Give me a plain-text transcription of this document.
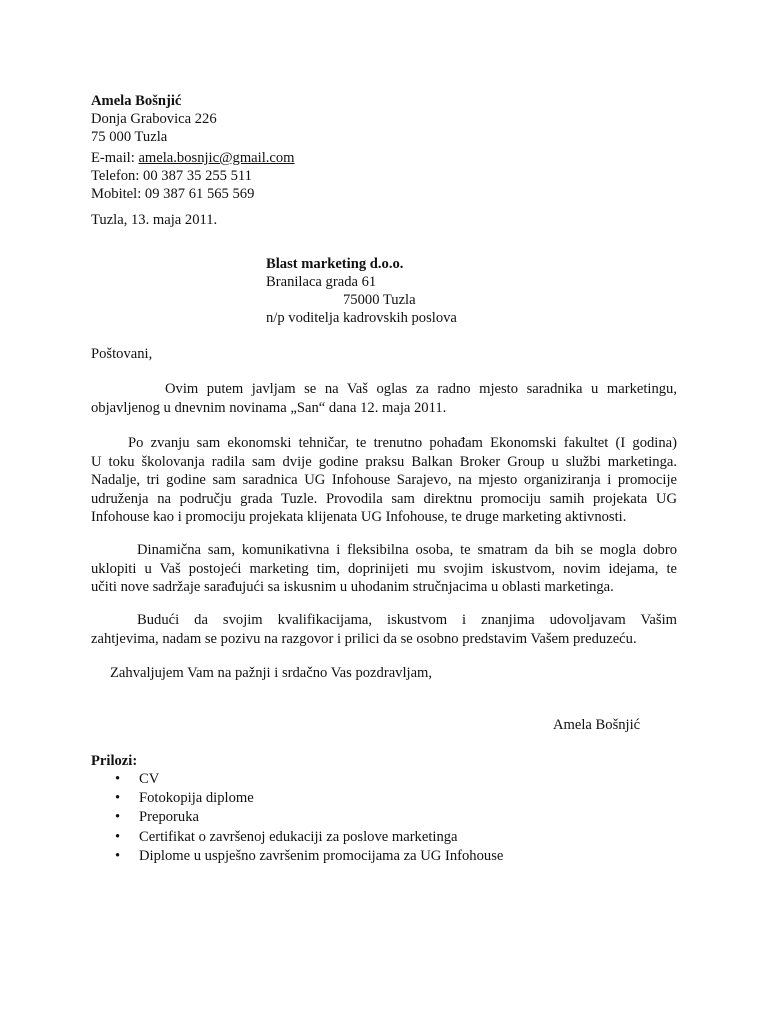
Amela Bošnjić
Donja Grabovica 226
75 000 Tuzla
E-mail: amela.bosnjic@gmail.com
Telefon: 00 387 35 255 511
Mobitel: 09 387 61 565 569
Tuzla, 13. maja 2011.
Blast marketing d.o.o.
Branilaca grada 61
75000 Tuzla
n/p voditelja kadrovskih poslova
Poštovani,
Ovim putem javljam se na Vaš oglas za radno mjesto saradnika u marketingu,
objavljenog u dnevnim novinama „San“ dana 12. maja 2011.
Po zvanju sam ekonomski tehničar, te trenutno pohađam Ekonomski fakultet (I godina)
U toku školovanja radila sam dvije godine praksu Balkan Broker Group u službi marketinga.
Nadalje, tri godine sam saradnica UG Infohouse Sarajevo, na mjesto organiziranja i promocije
udruženja na području grada Tuzle. Provodila sam direktnu promociju samih projekata UG
Infohouse kao i promociju projekata klijenata UG Infohouse, te druge marketing aktivnosti.
Dinamična sam, komunikativna i fleksibilna osoba, te smatram da bih se mogla dobro
uklopiti u Vaš postojeći marketing tim, doprinijeti mu svojim iskustvom, novim idejama, te
učiti nove sadržaje sarađujući sa iskusnim u uhodanim stručnjacima u oblasti marketinga.
Budući da svojim kvalifikacijama, iskustvom i znanjima udovoljavam Vašim
zahtjevima, nadam se pozivu na razgovor i prilici da se osobno predstavim Vašem preduzeću.
Zahvaljujem Vam na pažnji i srdačno Vas pozdravljam,
Amela Bošnjić
Prilozi:
• CV
• Fotokopija diplome
• Preporuka
• Certifikat o završenoj edukaciji za poslove marketinga
• Diplome u uspješno završenim promocijama za UG Infohouse
